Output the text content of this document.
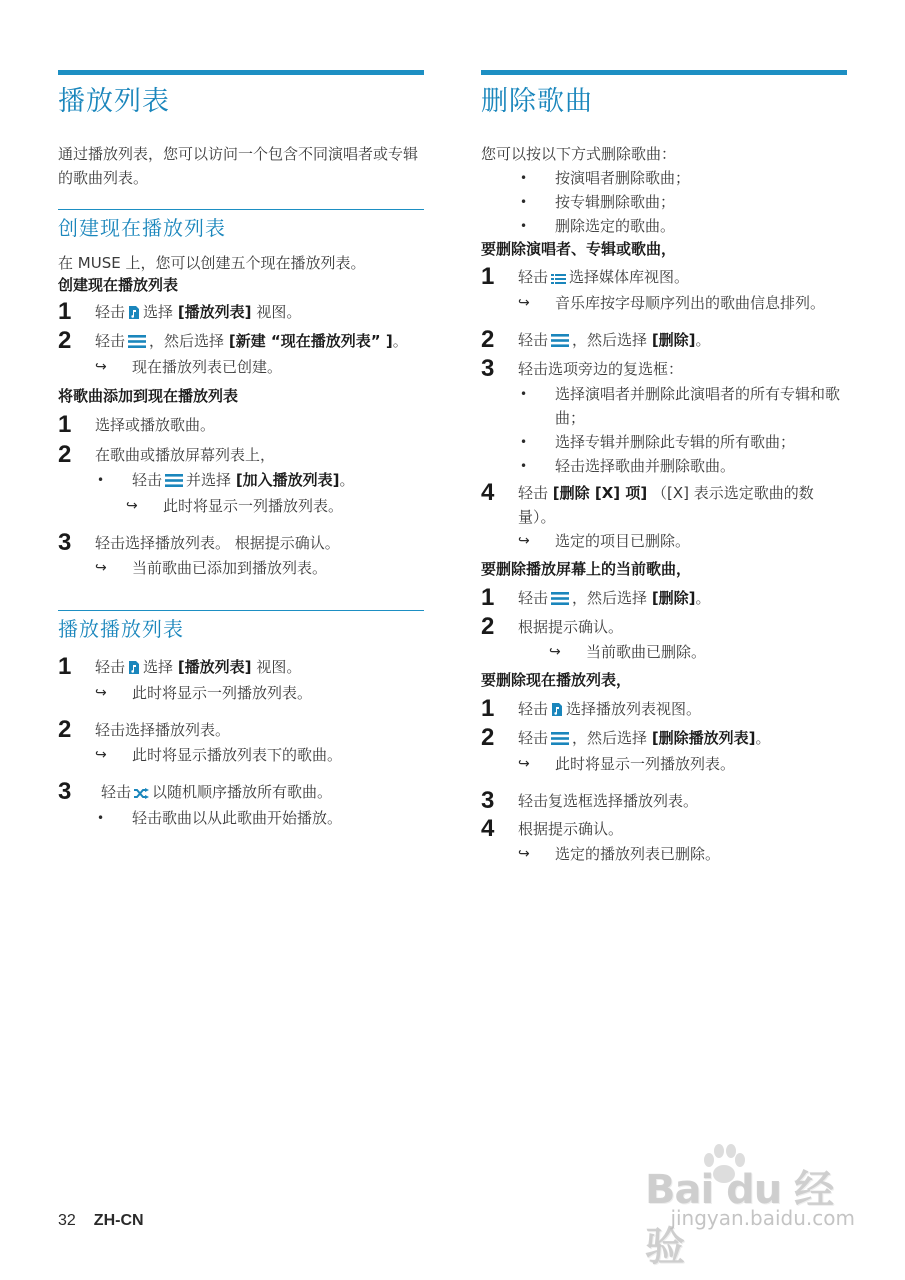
播放列表

通过播放列表，您可以访问一个包含不同演唱者或专辑的歌曲列表。

创建现在播放列表

在 MUSE 上，您可以创建五个现在播放列表。

创建现在播放列表
1	轻击 选择 [播放列表] 视图。
2	轻击 ，然后选择 [新建 “现在播放列表” ]。
↪	现在播放列表已创建。
将歌曲添加到现在播放列表
1	选择或播放歌曲。
2	在歌曲或播放屏幕列表上，
•	轻击 并选择 [加入播放列表]。
↪	此时将显示一列播放列表。
3	轻击选择播放列表。 根据提示确认。
↪	当前歌曲已添加到播放列表。
播放播放列表
1	轻击 选择 [播放列表] 视图。
↪	此时将显示一列播放列表。
2	轻击选择播放列表。
↪	此时将显示播放列表下的歌曲。
3	轻击 以随机顺序播放所有歌曲。
•	轻击歌曲以从此歌曲开始播放。
删除歌曲

您可以按以下方式删除歌曲：

•	按演唱者删除歌曲；
•	按专辑删除歌曲；
•	删除选定的歌曲。
要删除演唱者、专辑或歌曲，
1	轻击 选择媒体库视图。
↪	音乐库按字母顺序列出的歌曲信息排列。
2	轻击 ，然后选择 [删除]。
3	轻击选项旁边的复选框：
•	选择演唱者并删除此演唱者的所有专辑和歌曲；
•	选择专辑并删除此专辑的所有歌曲；
•	轻击选择歌曲并删除歌曲。
4	轻击 [删除 [X] 项] （[X] 表示选定歌曲的数量）。
↪	选定的项目已删除。
要删除播放屏幕上的当前歌曲，
1	轻击 ，然后选择 [删除]。
2	根据提示确认。
↪	当前歌曲已删除。
要删除现在播放列表，
1	轻击 选择播放列表视图。
2	轻击 ，然后选择 [删除播放列表]。
↪	此时将显示一列播放列表。
3	轻击复选框选择播放列表。
4	根据提示确认。
↪	选定的播放列表已删除。
32 ZH-CN
Bai du 经验
jingyan.baidu.com
